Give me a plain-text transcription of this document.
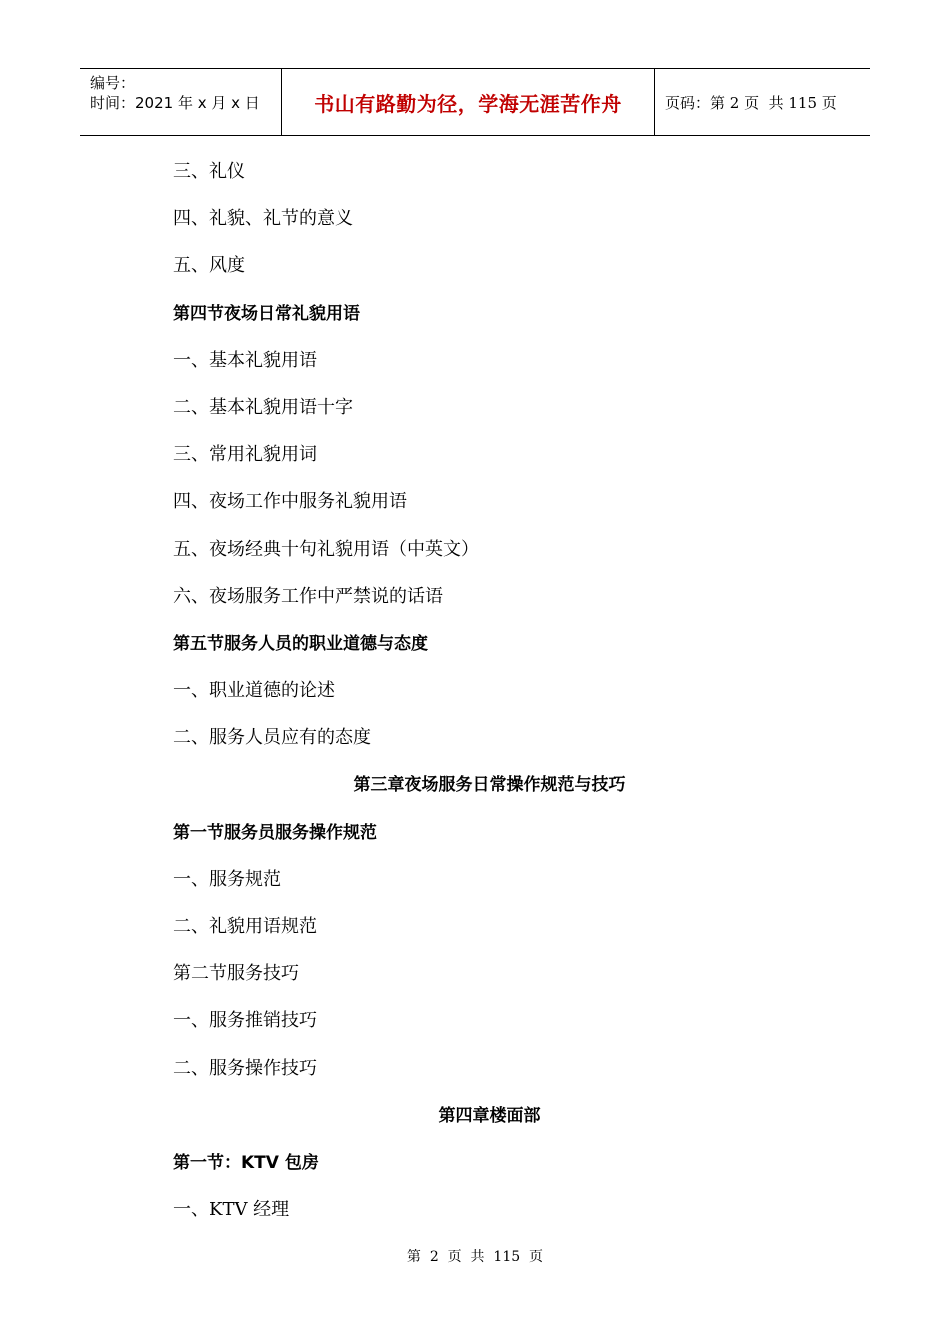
编号：
时间：2021 年 x 月 x 日	书山有路勤为径，学海无涯苦作舟	页码：第 2 页  共 115 页
三、礼仪
四、礼貌、礼节的意义
五、风度
第四节夜场日常礼貌用语
一、基本礼貌用语
二、基本礼貌用语十字
三、常用礼貌用词
四、夜场工作中服务礼貌用语
五、夜场经典十句礼貌用语（中英文）
六、夜场服务工作中严禁说的话语
第五节服务人员的职业道德与态度
一、职业道德的论述
二、服务人员应有的态度
第三章夜场服务日常操作规范与技巧
第一节服务员服务操作规范
一、服务规范
二、礼貌用语规范
第二节服务技巧
一、服务推销技巧
二、服务操作技巧
第四章楼面部
第一节：KTV 包房
一、KTV 经理
第  2  页  共  115  页
